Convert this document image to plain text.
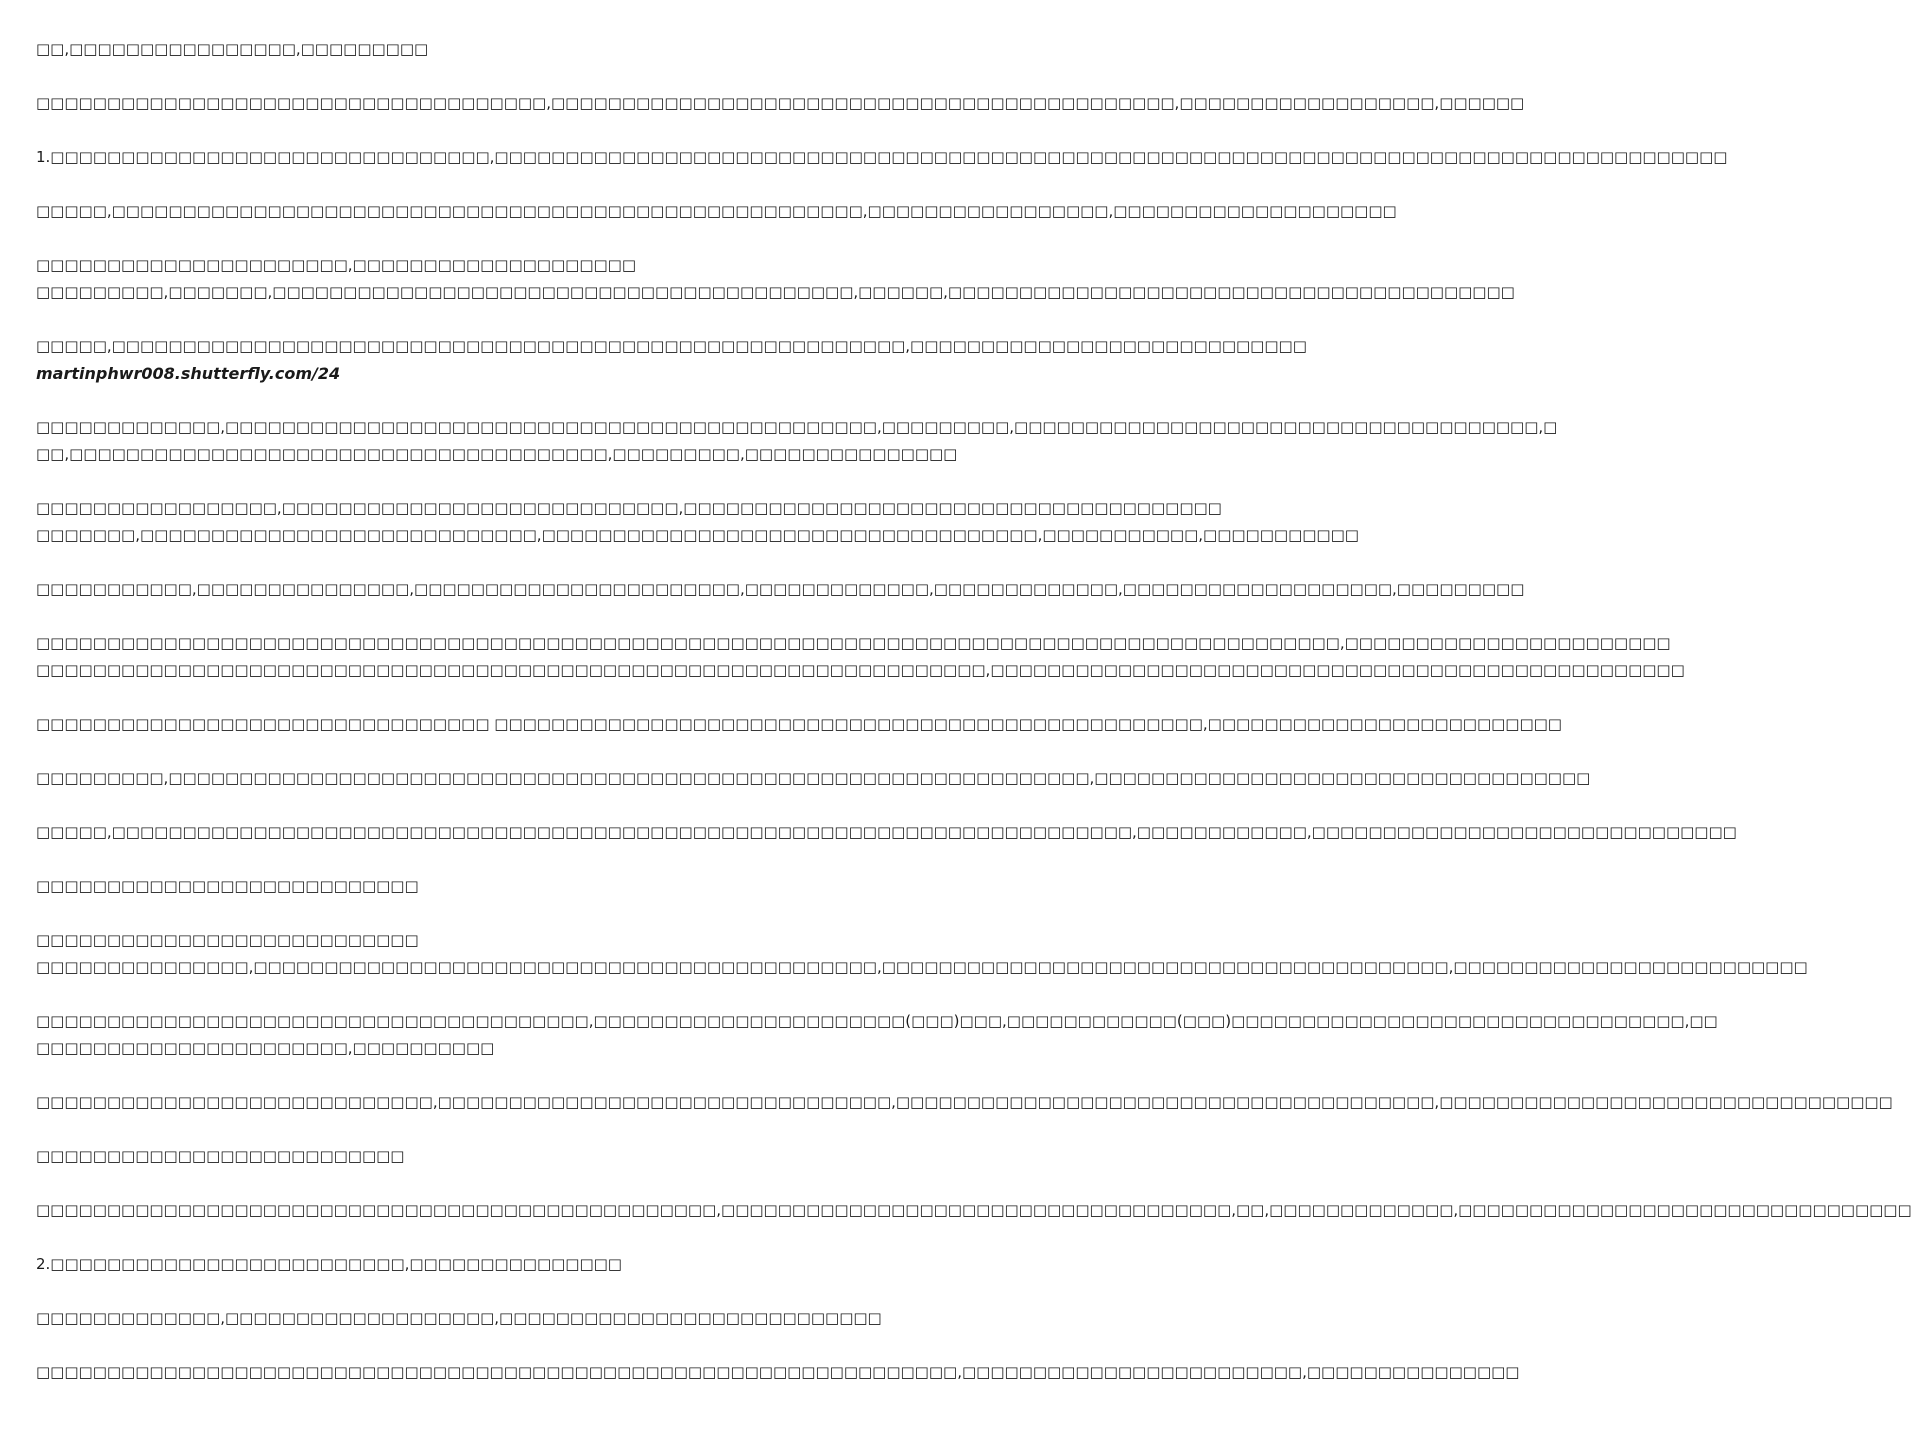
□□,□□□□□□□□□□□□□□□□,□□□□□□□□□
□□□□□□□□□□□□□□□□□□□□□□□□□□□□□□□□□□□□,□□□□□□□□□□□□□□□□□□□□□□□□□□□□□□□□□□□□□□□□□□□□,□□□□□□□□□□□□□□□□□□,□□□□□□
1.□□□□□□□□□□□□□□□□□□□□□□□□□□□□□□□,□□□□□□□□□□□□□□□□□□□□□□□□□□□□□□□□□□□□□□□□□□□□□□□□□□□□□□□□□□□□□□□□□□□□□□□□□□□□□□□□□□□□□□□
□□□□□,□□□□□□□□□□□□□□□□□□□□□□□□□□□□□□□□□□□□□□□□□□□□□□□□□□□□□,□□□□□□□□□□□□□□□□□,□□□□□□□□□□□□□□□□□□□□
□□□□□□□□□□□□□□□□□□□□□□,□□□□□□□□□□□□□□□□□□□□
□□□□□□□□□,□□□□□□□,□□□□□□□□□□□□□□□□□□□□□□□□□□□□□□□□□□□□□□□□□,□□□□□□,□□□□□□□□□□□□□□□□□□□□□□□□□□□□□□□□□□□□□□□□
□□□□□,□□□□□□□□□□□□□□□□□□□□□□□□□□□□□□□□□□□□□□□□□□□□□□□□□□□□□□□□,□□□□□□□□□□□□□□□□□□□□□□□□□□□□
martinphwr008.shutterfly.com/24
□□□□□□□□□□□□□,□□□□□□□□□□□□□□□□□□□□□□□□□□□□□□□□□□□□□□□□□□□□□□,□□□□□□□□□,□□□□□□□□□□□□□□□□□□□□□□□□□□□□□□□□□□□□□,□
□□,□□□□□□□□□□□□□□□□□□□□□□□□□□□□□□□□□□□□□□,□□□□□□□□□,□□□□□□□□□□□□□□□
□□□□□□□□□□□□□□□□□,□□□□□□□□□□□□□□□□□□□□□□□□□□□□,□□□□□□□□□□□□□□□□□□□□□□□□□□□□□□□□□□□□□□
□□□□□□□,□□□□□□□□□□□□□□□□□□□□□□□□□□□□,□□□□□□□□□□□□□□□□□□□□□□□□□□□□□□□□□□□,□□□□□□□□□□□,□□□□□□□□□□□
□□□□□□□□□□□,□□□□□□□□□□□□□□□,□□□□□□□□□□□□□□□□□□□□□□□,□□□□□□□□□□□□□,□□□□□□□□□□□□□,□□□□□□□□□□□□□□□□□□□,□□□□□□□□□
□□□□□□□□□□□□□□□□□□□□□□□□□□□□□□□□□□□□□□□□□□□□□□□□□□□□□□□□□□□□□□□□□□□□□□□□□□□□□□□□□□□□□□□□□□□□,□□□□□□□□□□□□□□□□□□□□□□□
□□□□□□□□□□□□□□□□□□□□□□□□□□□□□□□□□□□□□□□□□□□□□□□□□□□□□□□□□□□□□□□□□□□,□□□□□□□□□□□□□□□□□□□□□□□□□□□□□□□□□□□□□□□□□□□□□□□□□
□□□□□□□□□□□□□□□□□□□□□□□□□□□□□□□□ □□□□□□□□□□□□□□□□□□□□□□□□□□□□□□□□□□□□□□□□□□□□□□□□□□,□□□□□□□□□□□□□□□□□□□□□□□□□
□□□□□□□□□,□□□□□□□□□□□□□□□□□□□□□□□□□□□□□□□□□□□□□□□□□□□□□□□□□□□□□□□□□□□□□□□□□,□□□□□□□□□□□□□□□□□□□□□□□□□□□□□□□□□□□
□□□□□,□□□□□□□□□□□□□□□□□□□□□□□□□□□□□□□□□□□□□□□□□□□□□□□□□□□□□□□□□□□□□□□□□□□□□□□□,□□□□□□□□□□□□,□□□□□□□□□□□□□□□□□□□□□□□□□□□□□□
□□□□□□□□□□□□□□□□□□□□□□□□□□□
□□□□□□□□□□□□□□□□□□□□□□□□□□□
□□□□□□□□□□□□□□□,□□□□□□□□□□□□□□□□□□□□□□□□□□□□□□□□□□□□□□□□□□□□,□□□□□□□□□□□□□□□□□□□□□□□□□□□□□□□□□□□□□□□□,□□□□□□□□□□□□□□□□□□□□□□□□□
□□□□□□□□□□□□□□□□□□□□□□□□□□□□□□□□□□□□□□□,□□□□□□□□□□□□□□□□□□□□□□(□□□)□□□,□□□□□□□□□□□□(□□□)□□□□□□□□□□□□□□□□□□□□□□□□□□□□□□□□,□□
□□□□□□□□□□□□□□□□□□□□□□,□□□□□□□□□□
□□□□□□□□□□□□□□□□□□□□□□□□□□□□,□□□□□□□□□□□□□□□□□□□□□□□□□□□□□□□□,□□□□□□□□□□□□□□□□□□□□□□□□□□□□□□□□□□□□□□,□□□□□□□□□□□□□□□□□□□□□□□□□□□□□□□□
□□□□□□□□□□□□□□□□□□□□□□□□□□
□□□□□□□□□□□□□□□□□□□□□□□□□□□□□□□□□□□□□□□□□□□□□□□□,□□□□□□□□□□□□□□□□□□□□□□□□□□□□□□□□□□□□,□□,□□□□□□□□□□□□□,□□□□□□□□□□□□□□□□□□□□□□□□□□□□□□□□
2.□□□□□□□□□□□□□□□□□□□□□□□□□,□□□□□□□□□□□□□□□
□□□□□□□□□□□□□,□□□□□□□□□□□□□□□□□□□,□□□□□□□□□□□□□□□□□□□□□□□□□□□
□□□□□□□□□□□□□□□□□□□□□□□□□□□□□□□□□□□□□□□□□□□□□□□□□□□□□□□□□□□□□□□□□,□□□□□□□□□□□□□□□□□□□□□□□□,□□□□□□□□□□□□□□□
